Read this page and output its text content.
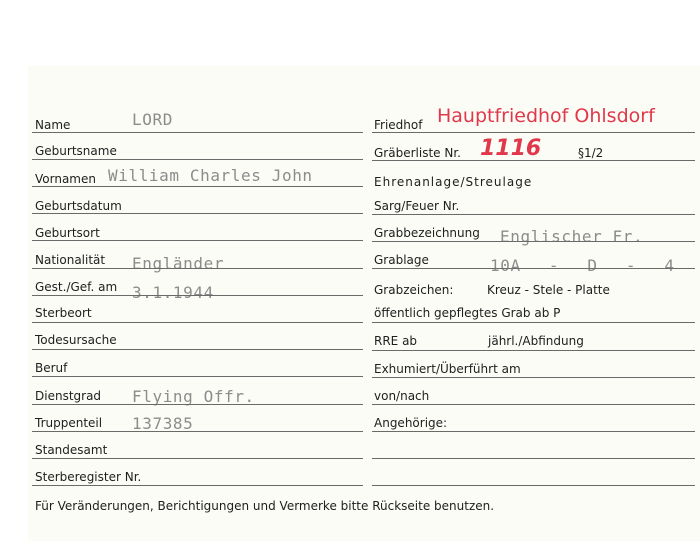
Name	LORD
Geburtsname
Vornamen William Charles John
Geburtsdatum
Geburtsort
Nationalität Engländer
Gest./Gef. am 3.1.1944
Sterbeort
Todesursache
Beruf
Dienstgrad Flying Offr.
Truppenteil 137385
Standesamt
Sterberegister Nr.
Friedhof Hauptfriedhof Ohlsdorf
Gräberliste Nr. 1116	§1/2
Ehrenanlage/Streulage
Sarg/Feuer Nr.
Grabbezeichnung Englischer Fr.
Grablage	10A - D - 4
Grabzeichen:	Kreuz - Stele - Platte
öffentlich gepflegtes Grab ab P
RRE ab	jährl./Abfindung
Exhumiert/Überführt am
von/nach
Angehörige:
Für Veränderungen, Berichtigungen und Vermerke bitte Rückseite benutzen.
